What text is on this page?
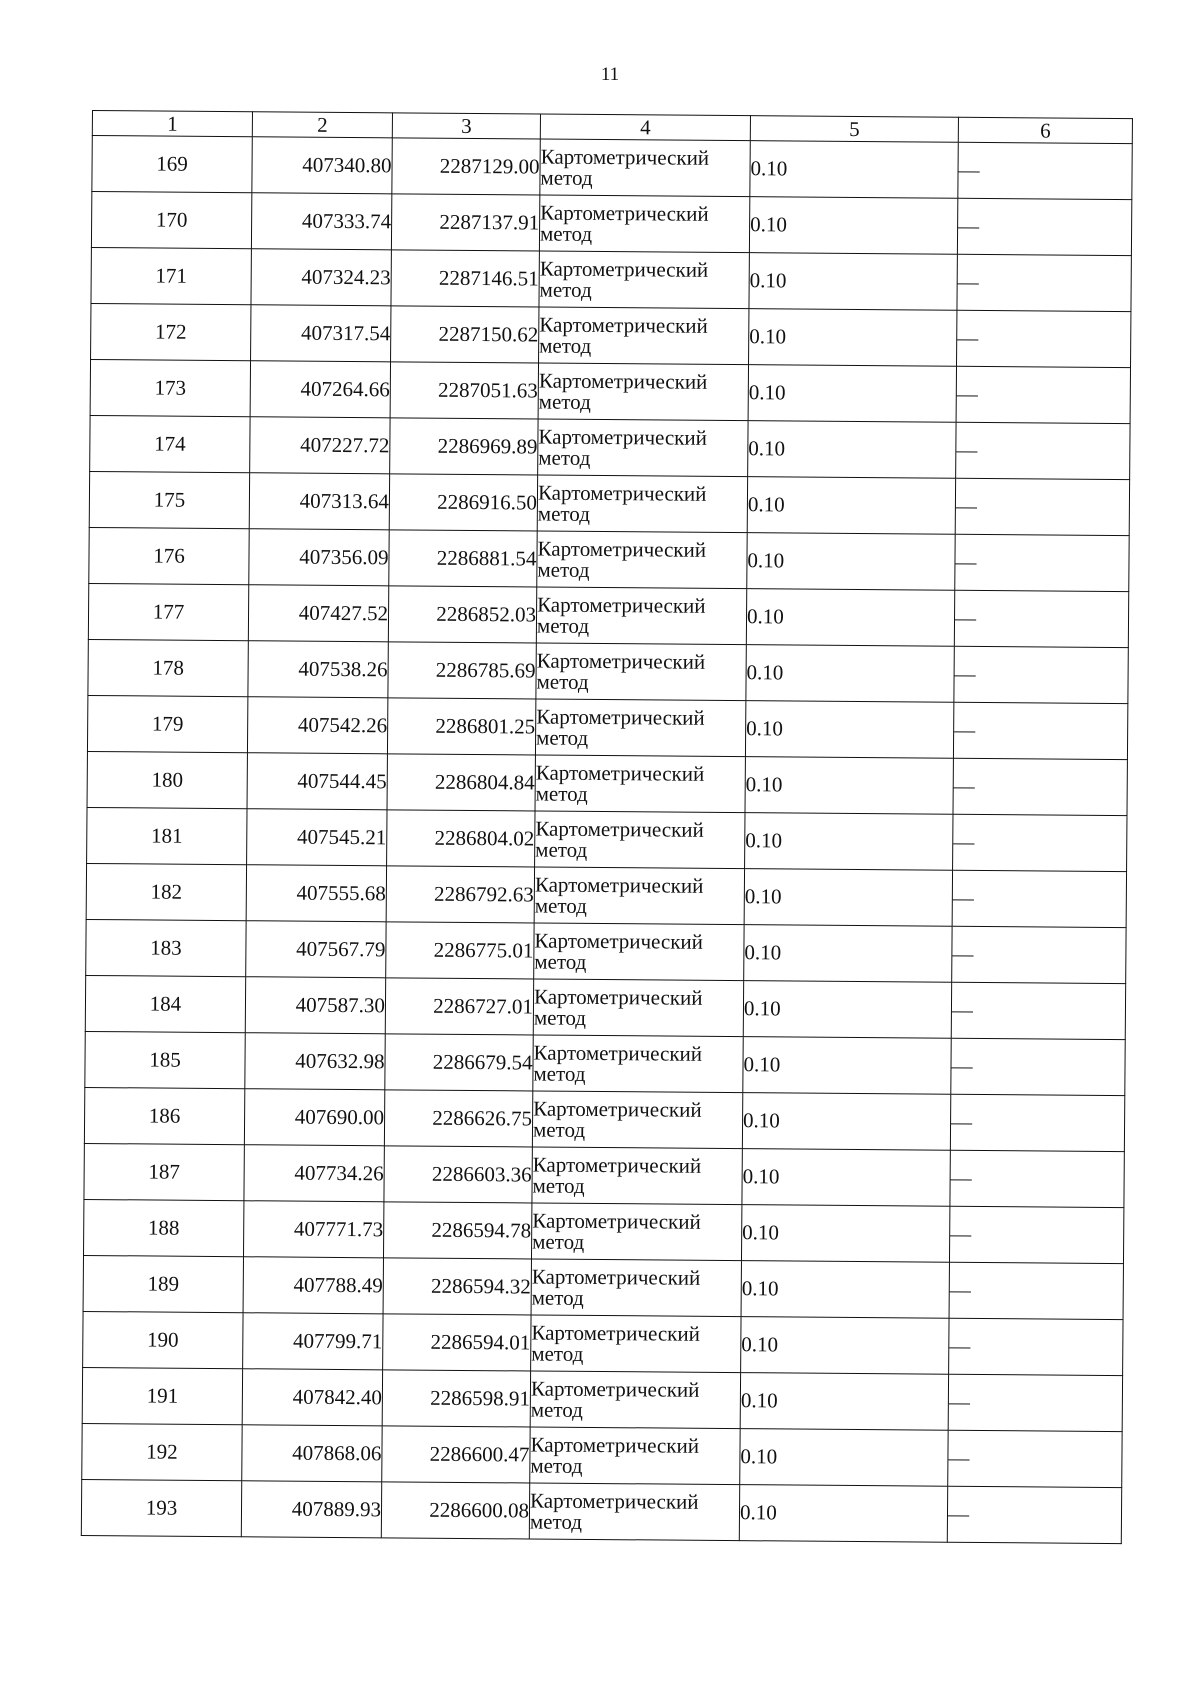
11
1	2	3	4	5	6
169	407340.80	2287129.00	Картометрический метод	0.10	—
170	407333.74	2287137.91	Картометрический метод	0.10	—
171	407324.23	2287146.51	Картометрический метод	0.10	—
172	407317.54	2287150.62	Картометрический метод	0.10	—
173	407264.66	2287051.63	Картометрический метод	0.10	—
174	407227.72	2286969.89	Картометрический метод	0.10	—
175	407313.64	2286916.50	Картометрический метод	0.10	—
176	407356.09	2286881.54	Картометрический метод	0.10	—
177	407427.52	2286852.03	Картометрический метод	0.10	—
178	407538.26	2286785.69	Картометрический метод	0.10	—
179	407542.26	2286801.25	Картометрический метод	0.10	—
180	407544.45	2286804.84	Картометрический метод	0.10	—
181	407545.21	2286804.02	Картометрический метод	0.10	—
182	407555.68	2286792.63	Картометрический метод	0.10	—
183	407567.79	2286775.01	Картометрический метод	0.10	—
184	407587.30	2286727.01	Картометрический метод	0.10	—
185	407632.98	2286679.54	Картометрический метод	0.10	—
186	407690.00	2286626.75	Картометрический метод	0.10	—
187	407734.26	2286603.36	Картометрический метод	0.10	—
188	407771.73	2286594.78	Картометрический метод	0.10	—
189	407788.49	2286594.32	Картометрический метод	0.10	—
190	407799.71	2286594.01	Картометрический метод	0.10	—
191	407842.40	2286598.91	Картометрический метод	0.10	—
192	407868.06	2286600.47	Картометрический метод	0.10	—
193	407889.93	2286600.08	Картометрический метод	0.10	—
